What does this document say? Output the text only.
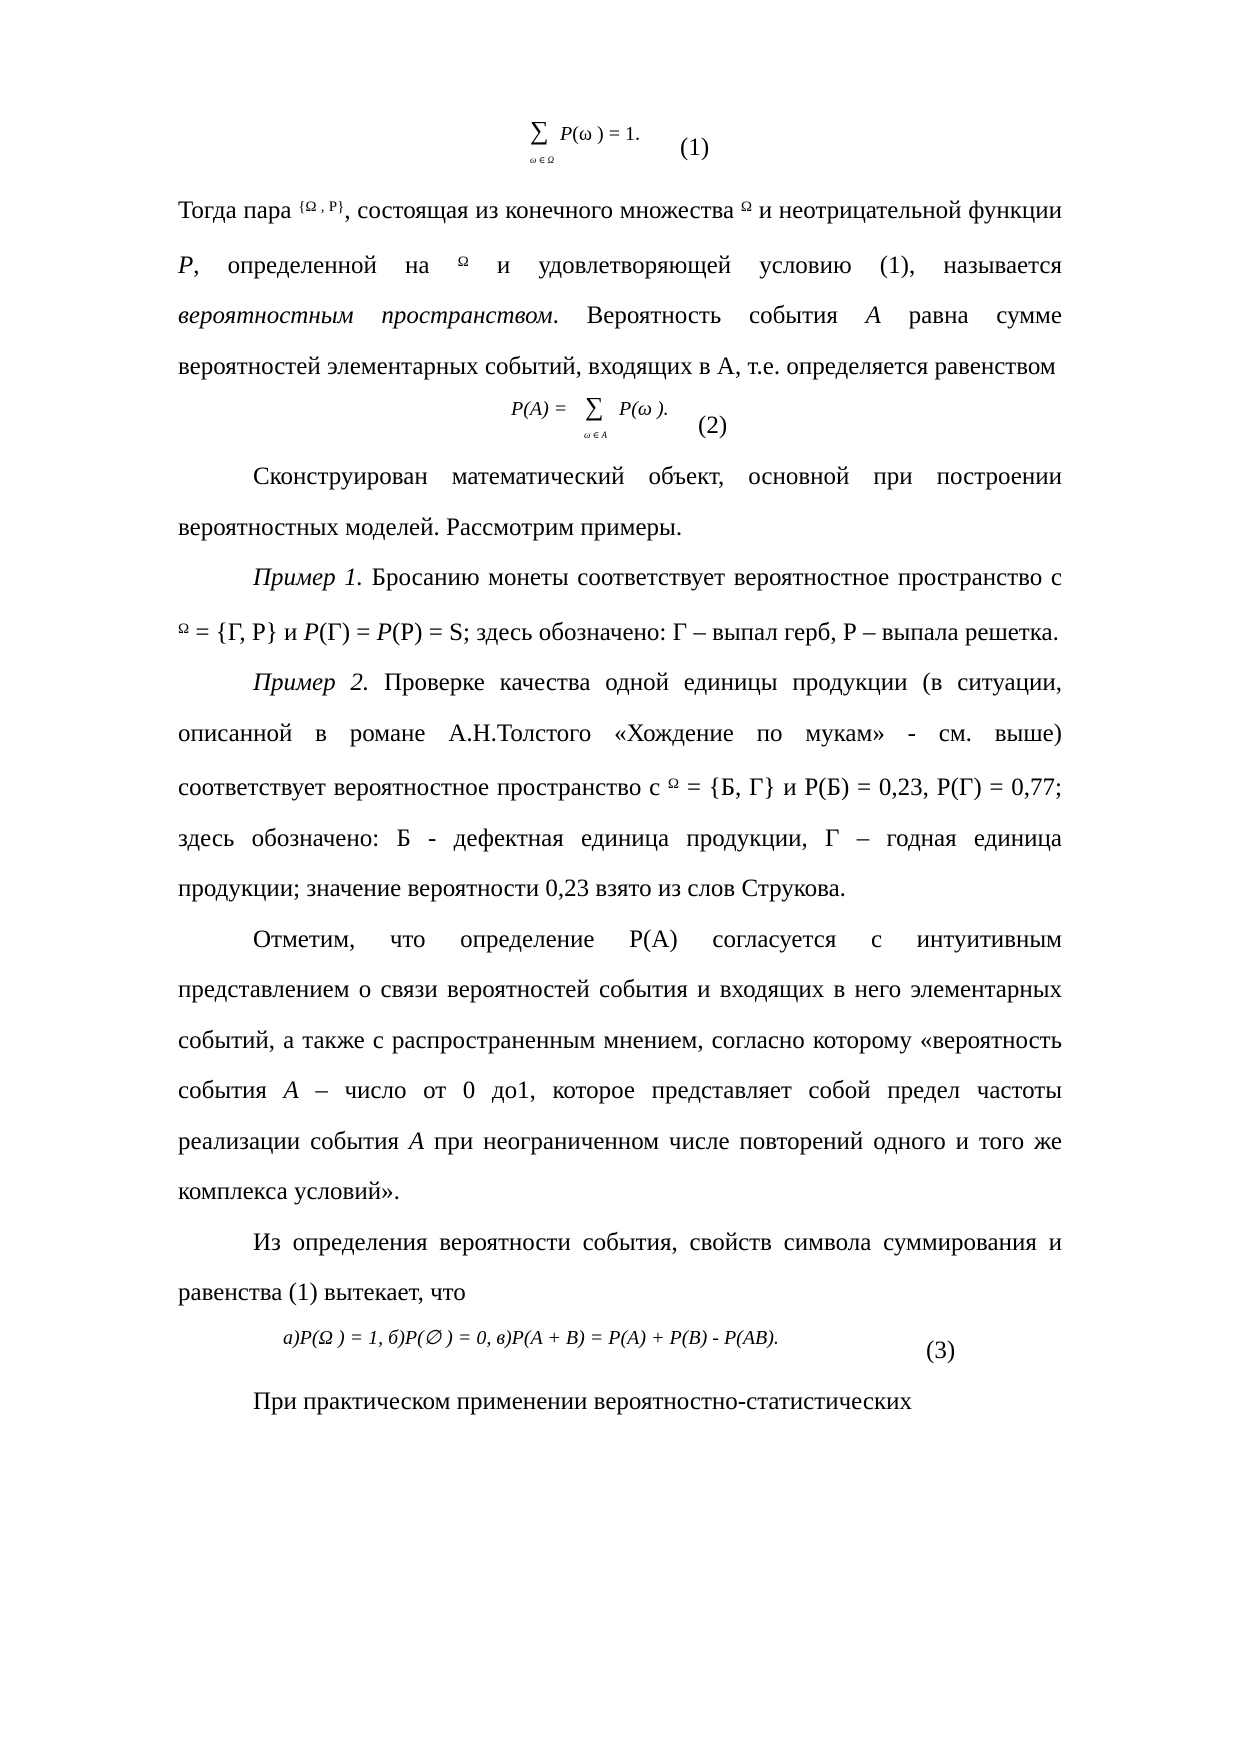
∑
ω ∈ Ω
P(ω ) = 1. (1)

Тогда пара $^{\{\Omega , P\}}$, состоящая из конечного множества $^\Omega$ и неотрицательной функции P, определенной на $^\Omega$ и удовлетворяющей условию (1), называется вероятностным пространством. Вероятность события A равна сумме вероятностей элементарных событий, входящих в А, т.е. определяется равенством

P(A) = ∑
ω ∈ A
P(ω ).
(2)

Сконструирован математический объект, основной при построении вероятностных моделей. Рассмотрим примеры.

Пример 1. Бросанию монеты соответствует вероятностное пространство с $^\Omega$ = {Г, Р} и P(Г) = P(Р) = S; здесь обозначено: Г – выпал герб, Р – выпала решетка.

Пример 2. Проверке качества одной единицы продукции (в ситуации, описанной в романе А.Н.Толстого «Хождение по мукам» - см. выше) соответствует вероятностное пространство с $^\Omega$ = {Б, Г} и Р(Б) = 0,23, Р(Г) = 0,77; здесь обозначено: Б - дефектная единица продукции, Г – годная единица продукции; значение вероятности 0,23 взято из слов Струкова.

Отметим, что определение Р(А) согласуется с интуитивным представлением о связи вероятностей события и входящих в него элементарных событий, а также с распространенным мнением, согласно которому «вероятность события A – число от 0 до1, которое представляет собой предел частоты реализации события A при неограниченном числе повторений одного и того же комплекса условий».

Из определения вероятности события, свойств символа суммирования и равенства (1) вытекает, что

а)P(Ω ) = 1, б)P(∅ ) = 0, в)P(A + B) = P(A) + P(B) - P(AB).	(3)

При практическом применении вероятностно-статистических
